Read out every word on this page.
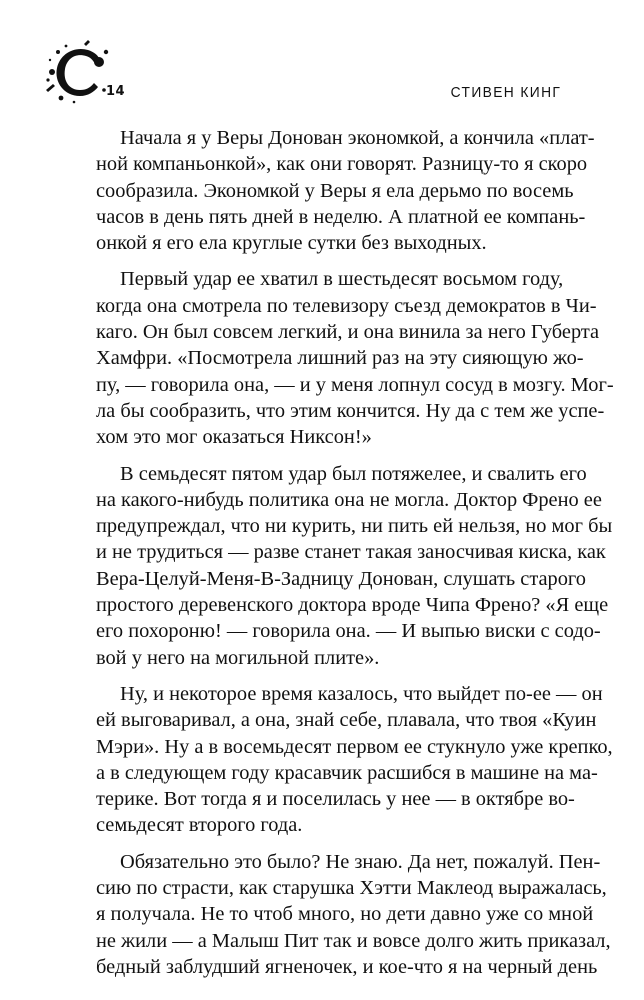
14	СТИВЕН КИНГ

Начала я у Веры Донован экономкой, а кончила «плат-
ной компаньонкой», как они говорят. Разницу-то я скоро
сообразила. Экономкой у Веры я ела дерьмо по восемь
часов в день пять дней в неделю. А платной ее компань-
онкой я его ела круглые сутки без выходных.

Первый удар ее хватил в шестьдесят восьмом году,
когда она смотрела по телевизору съезд демократов в Чи-
каго. Он был совсем легкий, и она винила за него Губерта
Хамфри. «Посмотрела лишний раз на эту сияющую жо-
пу, — говорила она, — и у меня лопнул сосуд в мозгу. Мог-
ла бы сообразить, что этим кончится. Ну да с тем же успе-
хом это мог оказаться Никсон!»

В семьдесят пятом удар был потяжелее, и свалить его
на какого-нибудь политика она не могла. Доктор Френо ее
предупреждал, что ни курить, ни пить ей нельзя, но мог бы
и не трудиться — разве станет такая заносчивая киска, как
Вера-Целуй-Меня-В-Задницу Донован, слушать старого
простого деревенского доктора вроде Чипа Френо? «Я еще
его похороню! — говорила она. — И выпью виски с содо-
вой у него на могильной плите».

Ну, и некоторое время казалось, что выйдет по-ее — он
ей выговаривал, а она, знай себе, плавала, что твоя «Куин
Мэри». Ну а в восемьдесят первом ее стукнуло уже крепко,
а в следующем году красавчик расшибся в машине на ма-
терике. Вот тогда я и поселилась у нее — в октябре во-
семьдесят второго года.

Обязательно это было? Не знаю. Да нет, пожалуй. Пен-
сию по страсти, как старушка Хэтти Маклеод выражалась,
я получала. Не то чтоб много, но дети давно уже со мной
не жили — а Малыш Пит так и вовсе долго жить приказал,
бедный заблудший ягненочек, и кое-что я на черный день
